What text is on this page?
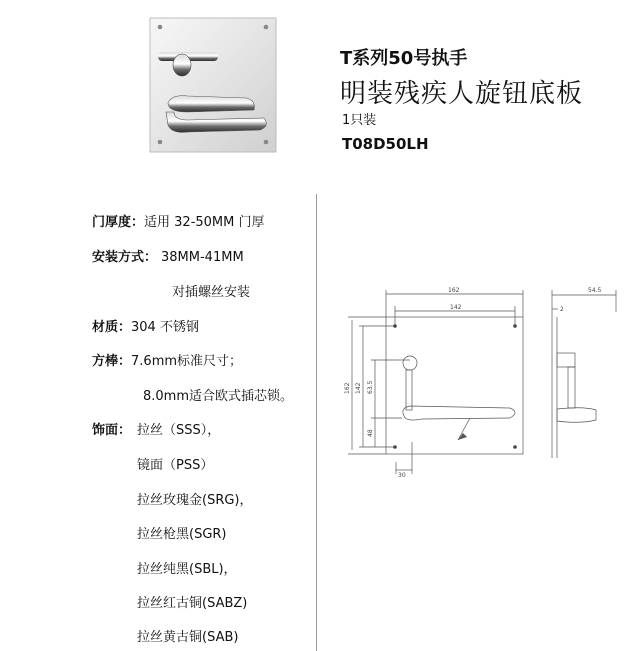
T系列50号执手
明装残疾人旋钮底板
1只装
T08D50LH
门厚度：适用 32-50MM 门厚
安装方式： 38MM-41MM
对插螺丝安装
材质：304 不锈钢
方棒：7.6mm标准尺寸；
8.0mm适合欧式插芯锁。
饰面： 拉丝（SSS），
镜面（PSS）
拉丝玫瑰金(SRG)，
拉丝枪黑(SGR)
拉丝纯黑(SBL)，
拉丝红古铜(SABZ)
拉丝黄古铜(SAB)
162
142
162 142 63.5
48
30
54.5
2
